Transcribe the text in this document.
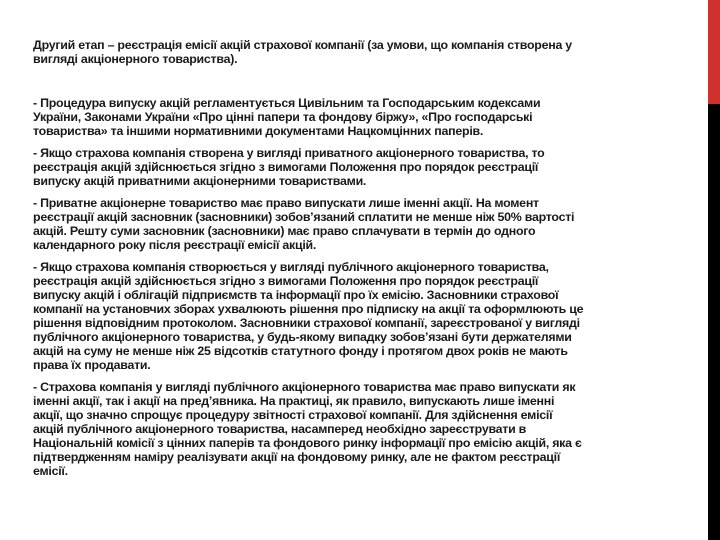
Другий етап – реєстрація емісії акцій страхової компанії (за умови, що компанія створена у
вигляді акціонерного товариства).
- Процедура випуску акцій регламентується Цивільним та Господарським кодексами
України, Законами України «Про цінні папери та фондову біржу», «Про господарські
товариства» та іншими нормативними документами Нацкомцінних паперів.
- Якщо страхова компанія створена у вигляді приватного акціонерного товариства, то
реєстрація акцій здійснюється згідно з вимогами Положення про порядок реєстрації
випуску акцій приватними акціонерними товариствами.
- Приватне акціонерне товариство має право випускати лише іменні акції. На момент
реєстрації акцій засновник (засновники) зобов’язаний сплатити не менше ніж 50% вартості
акцій. Решту суми засновник (засновники) має право сплачувати в термін до одного
календарного року після реєстрації емісії акцій.
- Якщо страхова компанія створюється у вигляді публічного акціонерного товариства,
реєстрація акцій здійснюється згідно з вимогами Положення про порядок реєстрації
випуску акцій і облігацій підприємств та інформації про їх емісію. Засновники страхової
компанії на установчих зборах ухвалюють рішення про підписку на акції та оформлюють це
рішення відповідним протоколом. Засновники страхової компанії, зареєстрованої у вигляді
публічного акціонерного товариства, у будь-якому випадку зобов’язані бути держателями
акцій на суму не менше ніж 25 відсотків статутного фонду і протягом двох років не мають
права їх продавати.
- Страхова компанія у вигляді публічного акціонерного товариства має право випускати як
іменні акції, так і акції на пред’явника. На практиці, як правило, випускають лише іменні
акції, що значно спрощує процедуру звітності страхової компанії. Для здійснення емісії
акцій публічного акціонерного товариства, насамперед необхідно зареєструвати в
Національній комісії з цінних паперів та фондового ринку інформації про емісію акцій, яка є
підтвердженням наміру реалізувати акції на фондовому ринку, але не фактом реєстрації
емісії.
